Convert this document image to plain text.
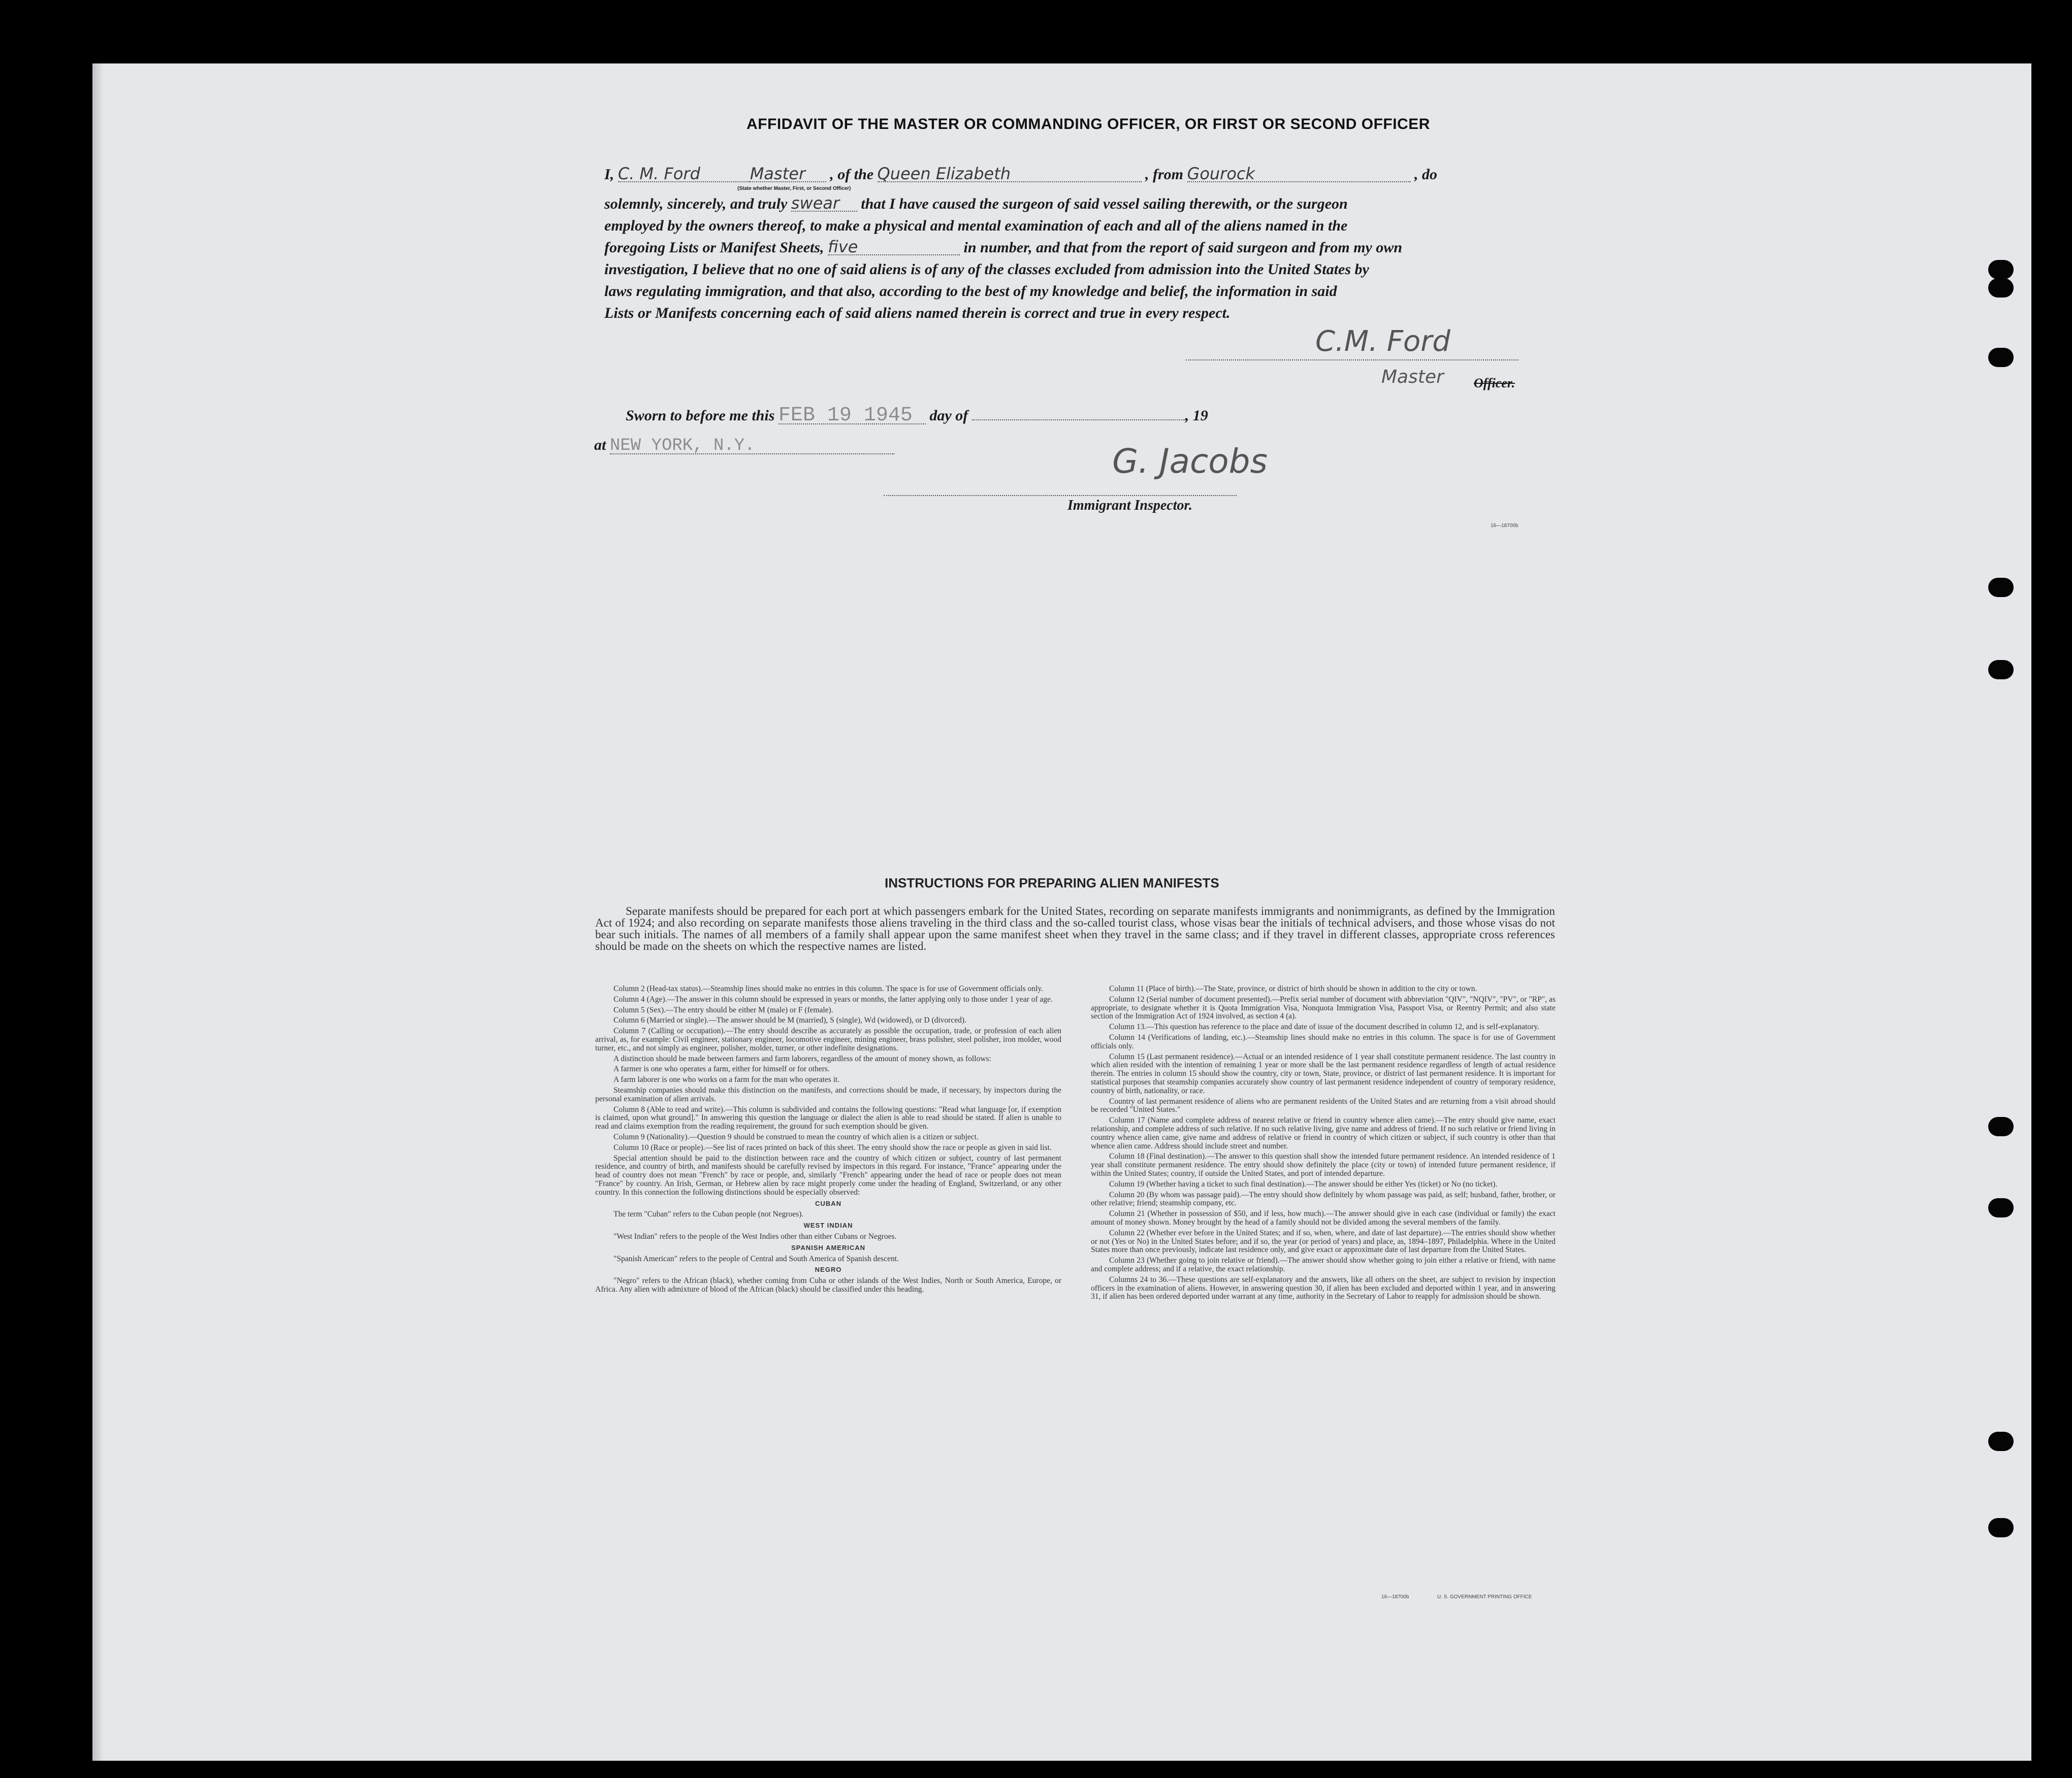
AFFIDAVIT OF THE MASTER OR COMMANDING OFFICER, OR FIRST OR SECOND OFFICER
I, C. M. Ford	Master , of the Queen Elizabeth	, from Gourock	, do
(State whether Master, First, or Second Officer)
solemnly, sincerely, and truly swear that I have caused the surgeon of said vessel sailing therewith, or the surgeon
employed by the owners thereof, to make a physical and mental examination of each and all of the aliens named in the
foregoing Lists or Manifest Sheets, five	in number, and that from the report of said surgeon and from my own
investigation, I believe that no one of said aliens is of any of the classes excluded from admission into the United States by
laws regulating immigration, and that also, according to the best of my knowledge and belief, the information in said
Lists or Manifests concerning each of said aliens named therein is correct and true in every respect.
C.M. Ford
Master Officer.
Sworn to before me this FEB 19 1945 day of	, 19
at NEW YORK, N.Y.	G. Jacobs
Immigrant Inspector.
16—18700b
INSTRUCTIONS FOR PREPARING ALIEN MANIFESTS
Separate manifests should be prepared for each port at which passengers embark for the United States, recording on separate manifests immigrants and nonimmigrants, as defined by the Immigration Act of 1924; and also recording on separate manifests those aliens traveling in the third class and the so-called tourist class, whose visas bear the initials of technical advisers, and those whose visas do not bear such initials. The names of all members of a family shall appear upon the same manifest sheet when they travel in the same class; and if they travel in different classes, appropriate cross references should be made on the sheets on which the respective names are listed.

Column 2 (Head-tax status).—Steamship lines should make no entries in this column. The space is for use of Government officials only.

Column 4 (Age).—The answer in this column should be expressed in years or months, the latter applying only to those under 1 year of age.

Column 5 (Sex).—The entry should be either M (male) or F (female).

Column 6 (Married or single).—The answer should be M (married), S (single), Wd (widowed), or D (divorced).

Column 7 (Calling or occupation).—The entry should describe as accurately as possible the occupation, trade, or profession of each alien arrival, as, for example: Civil engineer, stationary engineer, locomotive engineer, mining engineer, brass polisher, steel polisher, iron molder, wood turner, etc., and not simply as engineer, polisher, molder, turner, or other indefinite designations.

A distinction should be made between farmers and farm laborers, regardless of the amount of money shown, as follows:

A farmer is one who operates a farm, either for himself or for others.

A farm laborer is one who works on a farm for the man who operates it.

Steamship companies should make this distinction on the manifests, and corrections should be made, if necessary, by inspectors during the personal examination of alien arrivals.

Column 8 (Able to read and write).—This column is subdivided and contains the following questions: "Read what language [or, if exemption is claimed, upon what ground]." In answering this question the language or dialect the alien is able to read should be stated. If alien is unable to read and claims exemption from the reading requirement, the ground for such exemption should be given.

Column 9 (Nationality).—Question 9 should be construed to mean the country of which alien is a citizen or subject.

Column 10 (Race or people).—See list of races printed on back of this sheet. The entry should show the race or people as given in said list.

Special attention should be paid to the distinction between race and the country of which citizen or subject, country of last permanent residence, and country of birth, and manifests should be carefully revised by inspectors in this regard. For instance, "France" appearing under the head of country does not mean "French" by race or people, and, similarly "French" appearing under the head of race or people does not mean "France" by country. An Irish, German, or Hebrew alien by race might properly come under the heading of England, Switzerland, or any other country. In this connection the following distinctions should be especially observed:

CUBAN

The term "Cuban" refers to the Cuban people (not Negroes).

WEST INDIAN

"West Indian" refers to the people of the West Indies other than either Cubans or Negroes.

SPANISH AMERICAN

"Spanish American" refers to the people of Central and South America of Spanish descent.

NEGRO

"Negro" refers to the African (black), whether coming from Cuba or other islands of the West Indies, North or South America, Europe, or Africa. Any alien with admixture of blood of the African (black) should be classified under this heading.

Column 11 (Place of birth).—The State, province, or district of birth should be shown in addition to the city or town.

Column 12 (Serial number of document presented).—Prefix serial number of document with abbreviation "QIV", "NQIV", "PV", or "RP", as appropriate, to designate whether it is Quota Immigration Visa, Nonquota Immigration Visa, Passport Visa, or Reentry Permit; and also state section of the Immigration Act of 1924 involved, as section 4 (a).

Column 13.—This question has reference to the place and date of issue of the document described in column 12, and is self-explanatory.

Column 14 (Verifications of landing, etc.).—Steamship lines should make no entries in this column. The space is for use of Government officials only.

Column 15 (Last permanent residence).—Actual or an intended residence of 1 year shall constitute permanent residence. The last country in which alien resided with the intention of remaining 1 year or more shall be the last permanent residence regardless of length of actual residence therein. The entries in column 15 should show the country, city or town, State, province, or district of last permanent residence. It is important for statistical purposes that steamship companies accurately show country of last permanent residence independent of country of temporary residence, country of birth, nationality, or race.

Country of last permanent residence of aliens who are permanent residents of the United States and are returning from a visit abroad should be recorded "United States."

Column 17 (Name and complete address of nearest relative or friend in country whence alien came).—The entry should give name, exact relationship, and complete address of such relative. If no such relative living, give name and address of friend. If no such relative or friend living in country whence alien came, give name and address of relative or friend in country of which citizen or subject, if such country is other than that whence alien came. Address should include street and number.

Column 18 (Final destination).—The answer to this question shall show the intended future permanent residence. An intended residence of 1 year shall constitute permanent residence. The entry should show definitely the place (city or town) of intended future permanent residence, if within the United States; country, if outside the United States, and port of intended departure.

Column 19 (Whether having a ticket to such final destination).—The answer should be either Yes (ticket) or No (no ticket).

Column 20 (By whom was passage paid).—The entry should show definitely by whom passage was paid, as self; husband, father, brother, or other relative; friend; steamship company, etc.

Column 21 (Whether in possession of $50, and if less, how much).—The answer should give in each case (individual or family) the exact amount of money shown. Money brought by the head of a family should not be divided among the several members of the family.

Column 22 (Whether ever before in the United States; and if so, when, where, and date of last departure).—The entries should show whether or not (Yes or No) in the United States before; and if so, the year (or period of years) and place, as, 1894–1897, Philadelphia. Where in the United States more than once previously, indicate last residence only, and give exact or approximate date of last departure from the United States.

Column 23 (Whether going to join relative or friend).—The answer should show whether going to join either a relative or friend, with name and complete address; and if a relative, the exact relationship.

Columns 24 to 36.—These questions are self-explanatory and the answers, like all others on the sheet, are subject to revision by inspection officers in the examination of aliens. However, in answering question 30, if alien has been excluded and deported within 1 year, and in answering 31, if alien has been ordered deported under warrant at any time, authority in the Secretary of Labor to reapply for admission should be shown.

16—18700b	U. S. GOVERNMENT PRINTING OFFICE
